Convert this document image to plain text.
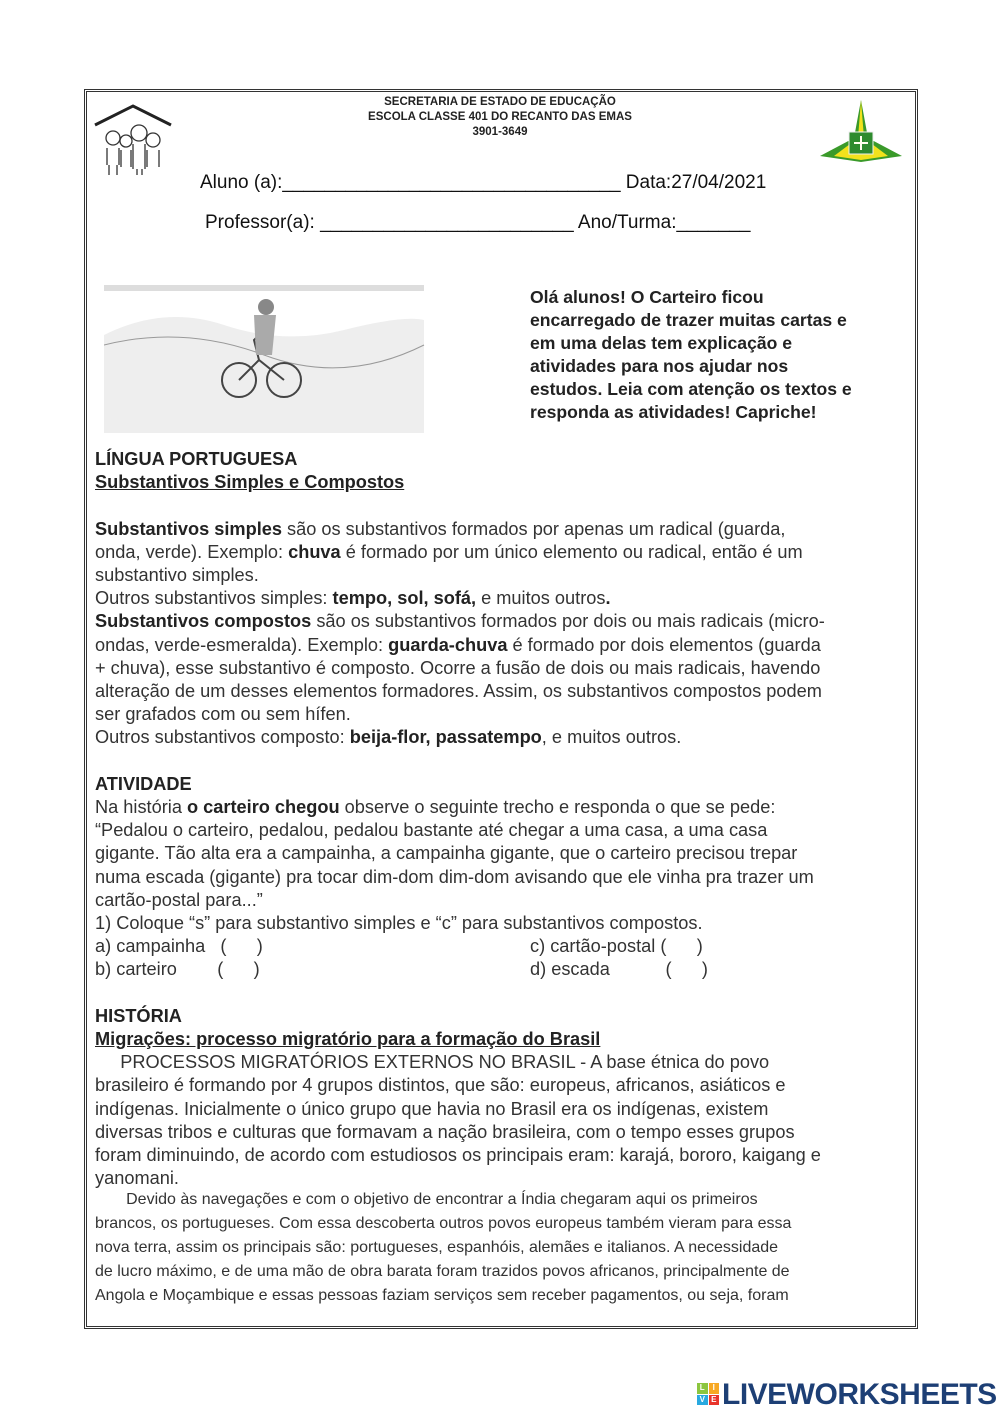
SECRETARIA DE ESTADO DE EDUCAÇÃO
ESCOLA CLASSE 401 DO RECANTO DAS EMAS
3901-3649
Aluno (a):________________________________ Data:27/04/2021
Professor(a): ________________________ Ano/Turma:_______
Olá alunos! O Carteiro ficou
encarregado de trazer muitas cartas e
em uma delas tem explicação e
atividades para nos ajudar nos
estudos. Leia com atenção os textos e
responda as atividades! Capriche!
LÍNGUA PORTUGUESA
Substantivos Simples e Compostos
Substantivos simples são os substantivos formados por apenas um radical (guarda,
onda, verde). Exemplo: chuva é formado por um único elemento ou radical, então é um
substantivo simples.
Outros substantivos simples: tempo, sol, sofá, e muitos outros.
Substantivos compostos são os substantivos formados por dois ou mais radicais (micro-
ondas, verde-esmeralda). Exemplo: guarda-chuva é formado por dois elementos (guarda
+ chuva), esse substantivo é composto. Ocorre a fusão de dois ou mais radicais, havendo
alteração de um desses elementos formadores. Assim, os substantivos compostos podem
ser grafados com ou sem hífen.
Outros substantivos composto: beija-flor, passatempo, e muitos outros.
ATIVIDADE
Na história o carteiro chegou observe o seguinte trecho e responda o que se pede:
“Pedalou o carteiro, pedalou, pedalou bastante até chegar a uma casa, a uma casa
gigante. Tão alta era a campainha, a campainha gigante, que o carteiro precisou trepar
numa escada (gigante) pra tocar dim-dom dim-dom avisando que ele vinha pra trazer um
cartão-postal para...”
1) Coloque “s” para substantivo simples e “c” para substantivos compostos.
a) campainha   (      )	c) cartão-postal (      )
b) carteiro        (      )	d) escada           (      )
HISTÓRIA
Migrações: processo migratório para a formação do Brasil
PROCESSOS MIGRATÓRIOS EXTERNOS NO BRASIL - A base étnica do povo
brasileiro é formando por 4 grupos distintos, que são: europeus, africanos, asiáticos e
indígenas. Inicialmente o único grupo que havia no Brasil era os indígenas, existem
diversas tribos e culturas que formavam a nação brasileira, com o tempo esses grupos
foram diminuindo, de acordo com estudiosos os principais eram: karajá, bororo, kaigang e
yanomani.
Devido às navegações e com o objetivo de encontrar a Índia chegaram aqui os primeiros
brancos, os portugueses. Com essa descoberta outros povos europeus também vieram para essa
nova terra, assim os principais são: portugueses, espanhóis, alemães e italianos. A necessidade
de lucro máximo, e de uma mão de obra barata foram trazidos povos africanos, principalmente de
Angola e Moçambique e essas pessoas faziam serviços sem receber pagamentos, ou seja, foram
L I
V E LIVEWORKSHEETS
